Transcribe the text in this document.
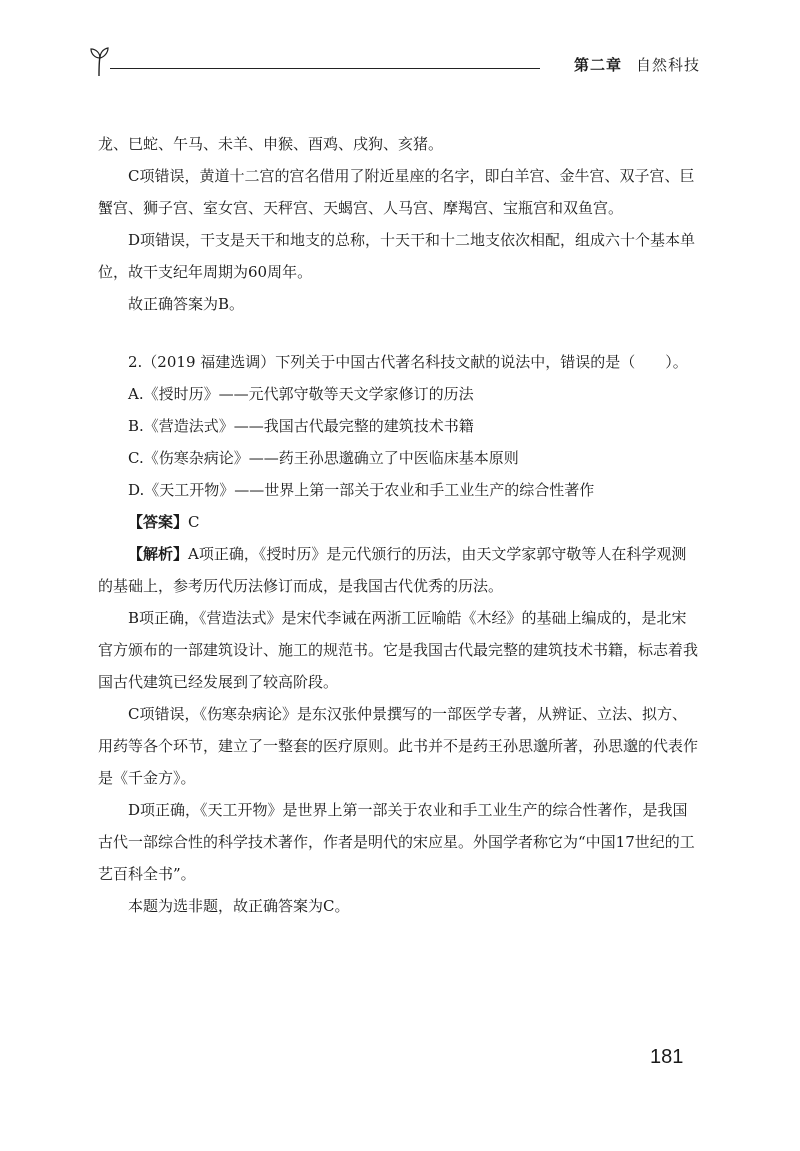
第二章 自然科技

龙、巳蛇、午马、未羊、申猴、酉鸡、戌狗、亥猪。

C项错误，黄道十二宫的宫名借用了附近星座的名字，即白羊宫、金牛宫、双子宫、巨蟹宫、狮子宫、室女宫、天秤宫、天蝎宫、人马宫、摩羯宫、宝瓶宫和双鱼宫。

D项错误，干支是天干和地支的总称，十天干和十二地支依次相配，组成六十个基本单位，故干支纪年周期为60周年。

故正确答案为B。

2.（2019 福建选调）下列关于中国古代著名科技文献的说法中，错误的是（　　）。

A.《授时历》——元代郭守敬等天文学家修订的历法

B.《营造法式》——我国古代最完整的建筑技术书籍

C.《伤寒杂病论》——药王孙思邈确立了中医临床基本原则

D.《天工开物》——世界上第一部关于农业和手工业生产的综合性著作

【答案】C

【解析】A项正确，《授时历》是元代颁行的历法，由天文学家郭守敬等人在科学观测的基础上，参考历代历法修订而成，是我国古代优秀的历法。

B项正确，《营造法式》是宋代李诫在两浙工匠喻皓《木经》的基础上编成的，是北宋官方颁布的一部建筑设计、施工的规范书。它是我国古代最完整的建筑技术书籍，标志着我国古代建筑已经发展到了较高阶段。

C项错误，《伤寒杂病论》是东汉张仲景撰写的一部医学专著，从辨证、立法、拟方、用药等各个环节，建立了一整套的医疗原则。此书并不是药王孙思邈所著，孙思邈的代表作是《千金方》。

D项正确，《天工开物》是世界上第一部关于农业和手工业生产的综合性著作，是我国古代一部综合性的科学技术著作，作者是明代的宋应星。外国学者称它为“中国17世纪的工艺百科全书”。

本题为选非题，故正确答案为C。

181
